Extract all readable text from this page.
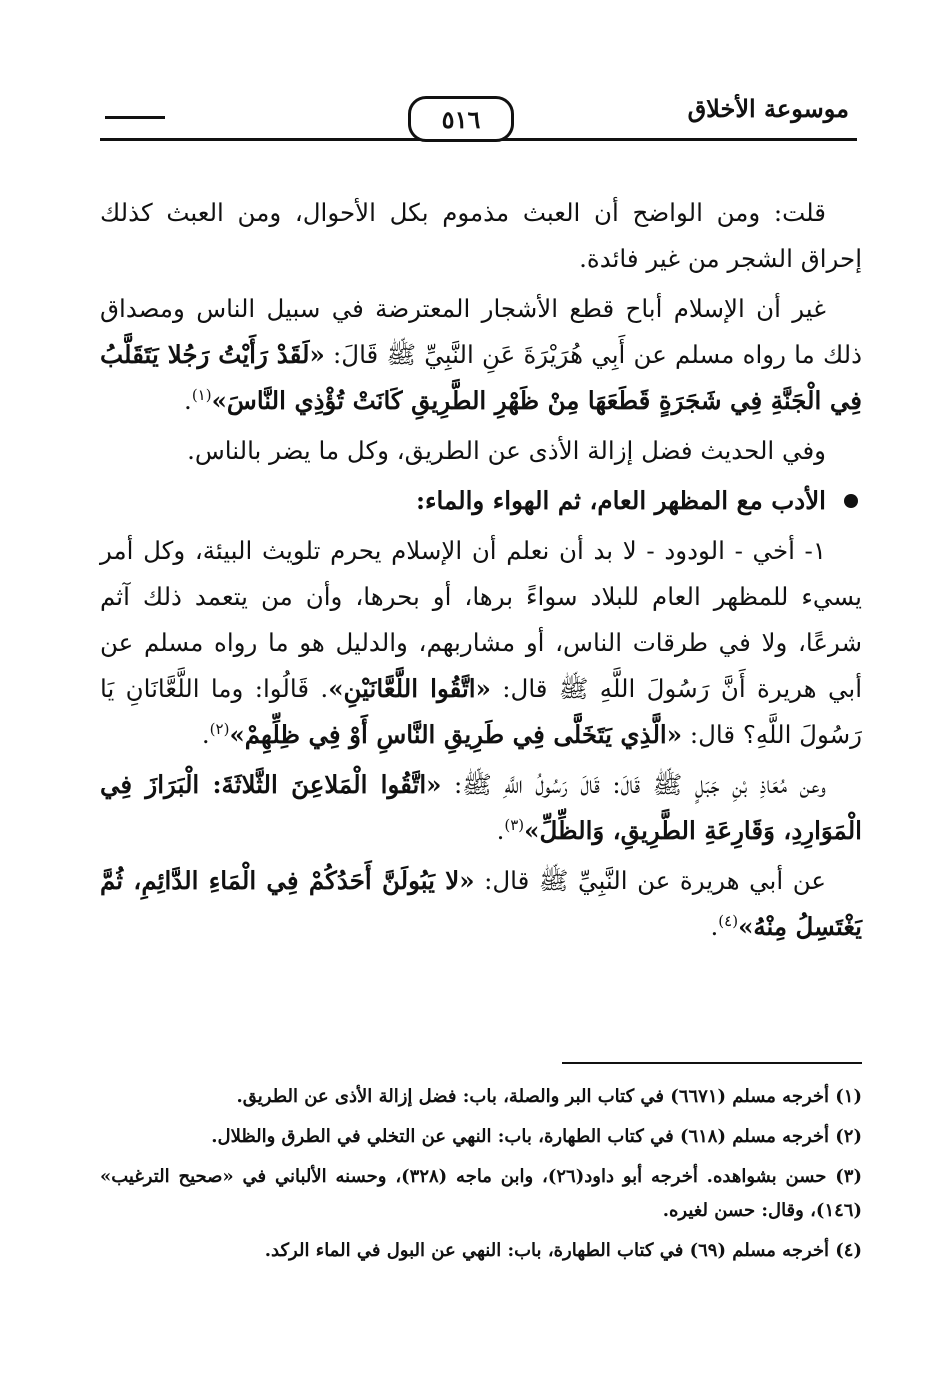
موسوعة الأخلاق
٥١٦

قلت: ومن الواضح أن العبث مذموم بكل الأحوال، ومن العبث كذلك إحراق الشجر من غير فائدة.

غير أن الإسلام أباح قطع الأشجار المعترضة في سبيل الناس ومصداق ذلك ما رواه مسلم عن أَبِي هُرَيْرَةَ عَنِ النَّبِيِّ ﷺ قَالَ: «لَقَدْ رَأَيْتُ رَجُلا يَتَقَلَّبُ فِي الْجَنَّةِ فِي شَجَرَةٍ قَطَعَهَا مِنْ ظَهْرِ الطَّرِيقِ كَانَتْ تُؤْذِي النَّاسَ»$^{(١)}$.

وفي الحديث فضل إزالة الأذى عن الطريق، وكل ما يضر بالناس.

الأدب مع المظهر العام، ثم الهواء والماء:

١- أخي - الودود - لا بد أن نعلم أن الإسلام يحرم تلويث البيئة، وكل أمر يسيء للمظهر العام للبلاد سواءً برها، أو بحرها، وأن من يتعمد ذلك آثم شرعًا، ولا في طرقات الناس، أو مشاربهم، والدليل هو ما رواه مسلم عن أبي هريرة أَنَّ رَسُولَ اللَّهِ ﷺ قال: «اتَّقُوا اللَّعَّانَيْنِ». قَالُوا: وما اللَّعَّانَانِ يَا رَسُولَ اللَّهِ؟ قال: «الَّذِي يَتَخَلَّى فِي طَرِيقِ النَّاسِ أَوْ فِي ظِلِّهِمْ»$^{(٢)}$.

وعن مُعَاذِ بْنِ جَبَلٍ ﷺ قَالَ: قَالَ رَسُولُ اللَّهِ ﷺ: «اتَّقُوا الْمَلاعِنَ الثَّلاثَةَ: الْبَرَازَ فِي الْمَوَارِدِ، وَقَارِعَةِ الطَّرِيقِ، وَالظِّلِّ»$^{(٣)}$.

عن أبي هريرة عن النَّبِيِّ ﷺ قال: «لا يَبُولَنَّ أَحَدُكُمْ فِي الْمَاءِ الدَّائِمِ، ثُمَّ يَغْتَسِلُ مِنْهُ»$^{(٤)}$.

(١) أخرجه مسلم (٦٦٧١) في كتاب البر والصلة، باب: فضل إزالة الأذى عن الطريق.

(٢) أخرجه مسلم (٦١٨) في كتاب الطهارة، باب: النهي عن التخلي في الطرق والظلال.

(٣) حسن بشواهده. أخرجه أبو داود(٢٦)، وابن ماجه (٣٢٨)، وحسنه الألباني في «صحيح الترغيب» (١٤٦)، وقال: حسن لغيره.

(٤) أخرجه مسلم (٦٩) في كتاب الطهارة، باب: النهي عن البول في الماء الركد.
